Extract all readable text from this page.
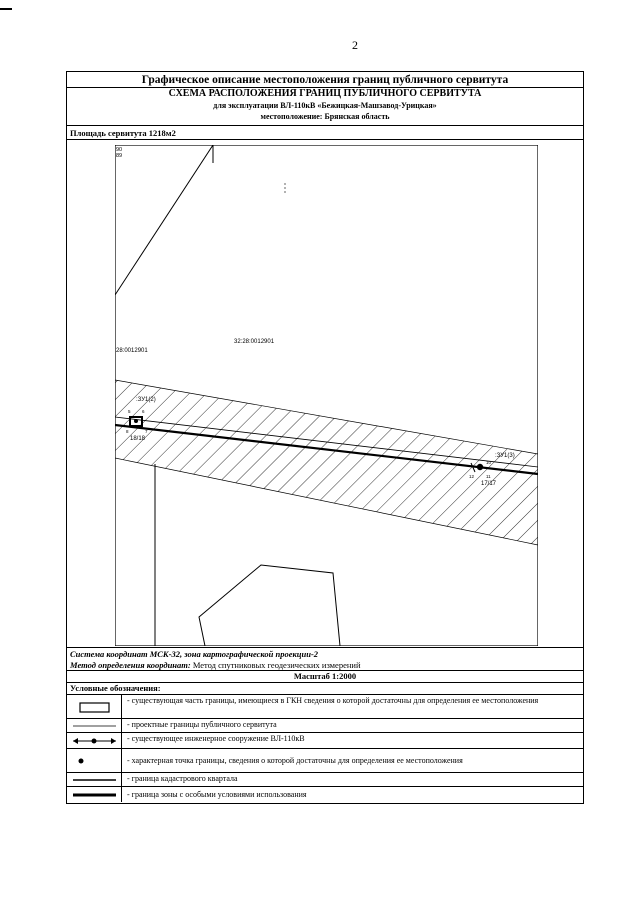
2
Графическое описание местоположения границ публичного сервитута
СХЕМА РАСПОЛОЖЕНИЯ ГРАНИЦ ПУБЛИЧНОГО СЕРВИТУТА
для эксплуатации ВЛ-110кВ «Бежицкая-Машзавод-Урицкая»
местоположение: Брянская область
Площадь сервитута 1218м2
90
89
28:0012901
32:28:0012901
:ЗУ1(2)
:ЗУ1(3)
18/18
17/17
5	6
7
8
10
11
12
Система координат МСК-32, зона картографической проекции-2
Метод определения координат: Метод спутниковых геодезических измерений
Масштаб 1:2000
Условные обозначения:
- существующая часть границы, имеющиеся в ГКН сведения о которой достаточны для определения ее местоположения
- проектные границы публичного сервитута
- существующее инженерное сооружение ВЛ-110кВ
- характерная точка границы, сведения о которой достаточны для определения ее местоположения
- граница кадастрового квартала
- граница зоны с особыми условиями использования
